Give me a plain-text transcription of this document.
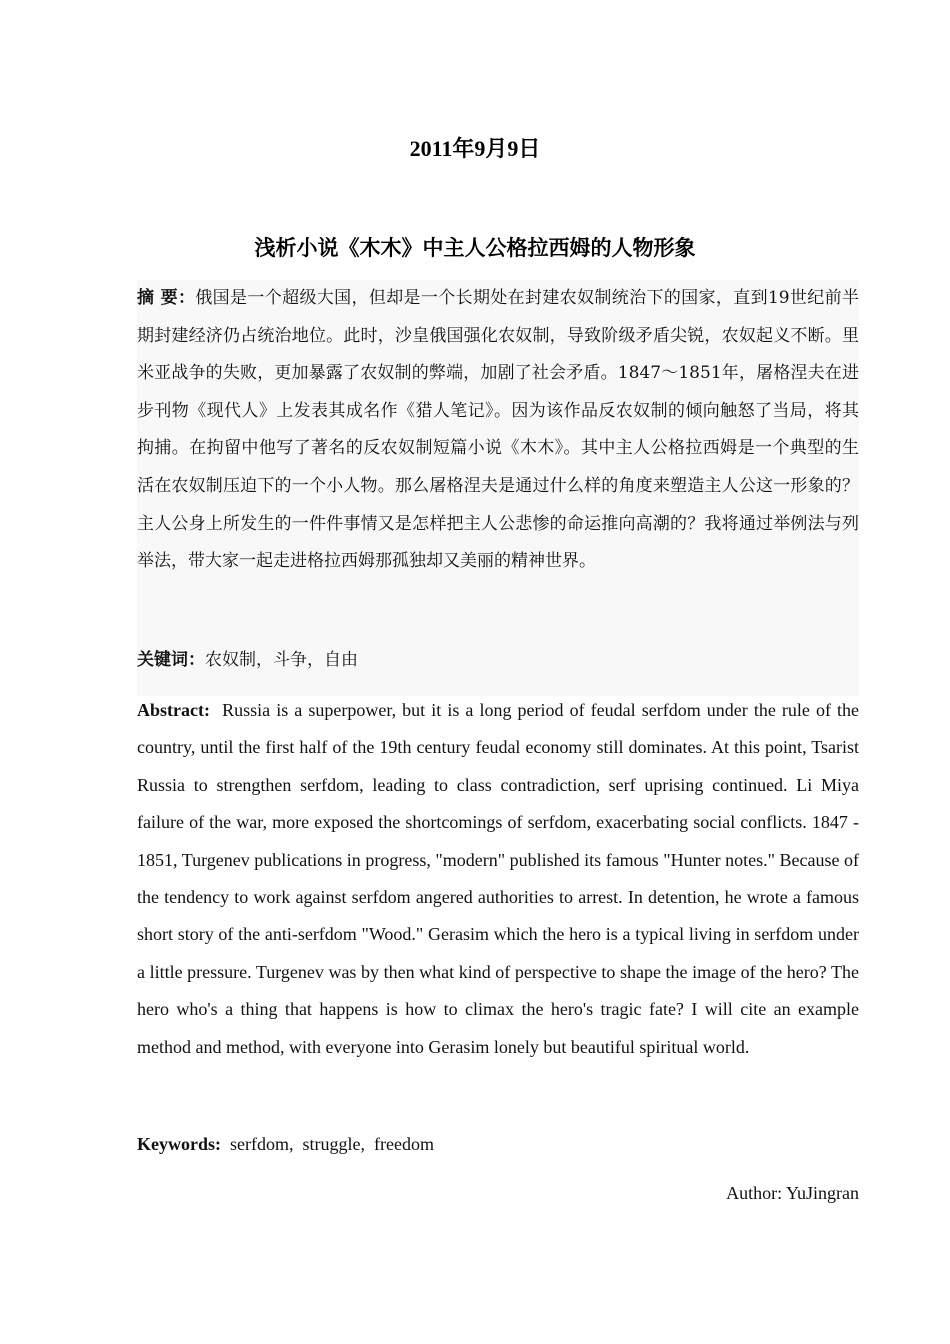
2011年9月9日
浅析小说《木木》中主人公格拉西姆的人物形象

摘 要：俄国是一个超级大国，但却是一个长期处在封建农奴制统治下的国家，直到19世纪前半期封建经济仍占统治地位。此时，沙皇俄国强化农奴制，导致阶级矛盾尖锐，农奴起义不断。里米亚战争的失败，更加暴露了农奴制的弊端，加剧了社会矛盾。1847～1851年，屠格涅夫在进步刊物《现代人》上发表其成名作《猎人笔记》。因为该作品反农奴制的倾向触怒了当局，将其拘捕。在拘留中他写了著名的反农奴制短篇小说《木木》。其中主人公格拉西姆是一个典型的生活在农奴制压迫下的一个小人物。那么屠格涅夫是通过什么样的角度来塑造主人公这一形象的？主人公身上所发生的一件件事情又是怎样把主人公悲惨的命运推向高潮的？我将通过举例法与列举法，带大家一起走进格拉西姆那孤独却又美丽的精神世界。

关键词：农奴制，斗争，自由

Abstract: Russia is a superpower, but it is a long period of feudal serfdom under the rule of the country, until the first half of the 19th century feudal economy still dominates. At this point, Tsarist Russia to strengthen serfdom, leading to class contradiction, serf uprising continued. Li Miya failure of the war, more exposed the shortcomings of serfdom, exacerbating social conflicts. 1847 - 1851, Turgenev publications in progress, "modern" published its famous "Hunter notes." Because of the tendency to work against serfdom angered authorities to arrest. In detention, he wrote a famous short story of the anti-serfdom "Wood." Gerasim which the hero is a typical living in serfdom under a little pressure. Turgenev was by then what kind of perspective to shape the image of the hero? The hero who's a thing that happens is how to climax the hero's tragic fate? I will cite an example method and method, with everyone into Gerasim lonely but beautiful spiritual world.

Keywords: serfdom,  struggle,  freedom

Author: YuJingran
